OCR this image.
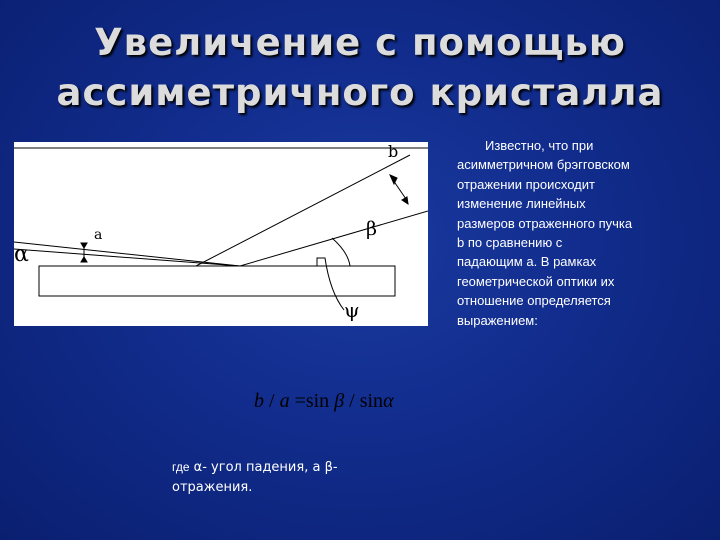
Увеличение с помощью
ассиметричного кристалла
α
a
b
β
ψ

Известно, что при
асимметричном брэгговском
отражении происходит
изменение линейных
размеров отраженного пучка
b по сравнению с
падающим a. В рамках
геометрической оптики их
отношение определяется
выражением:

b / a =sin β / sinα
где α- угол падения, а β-
отражения.
